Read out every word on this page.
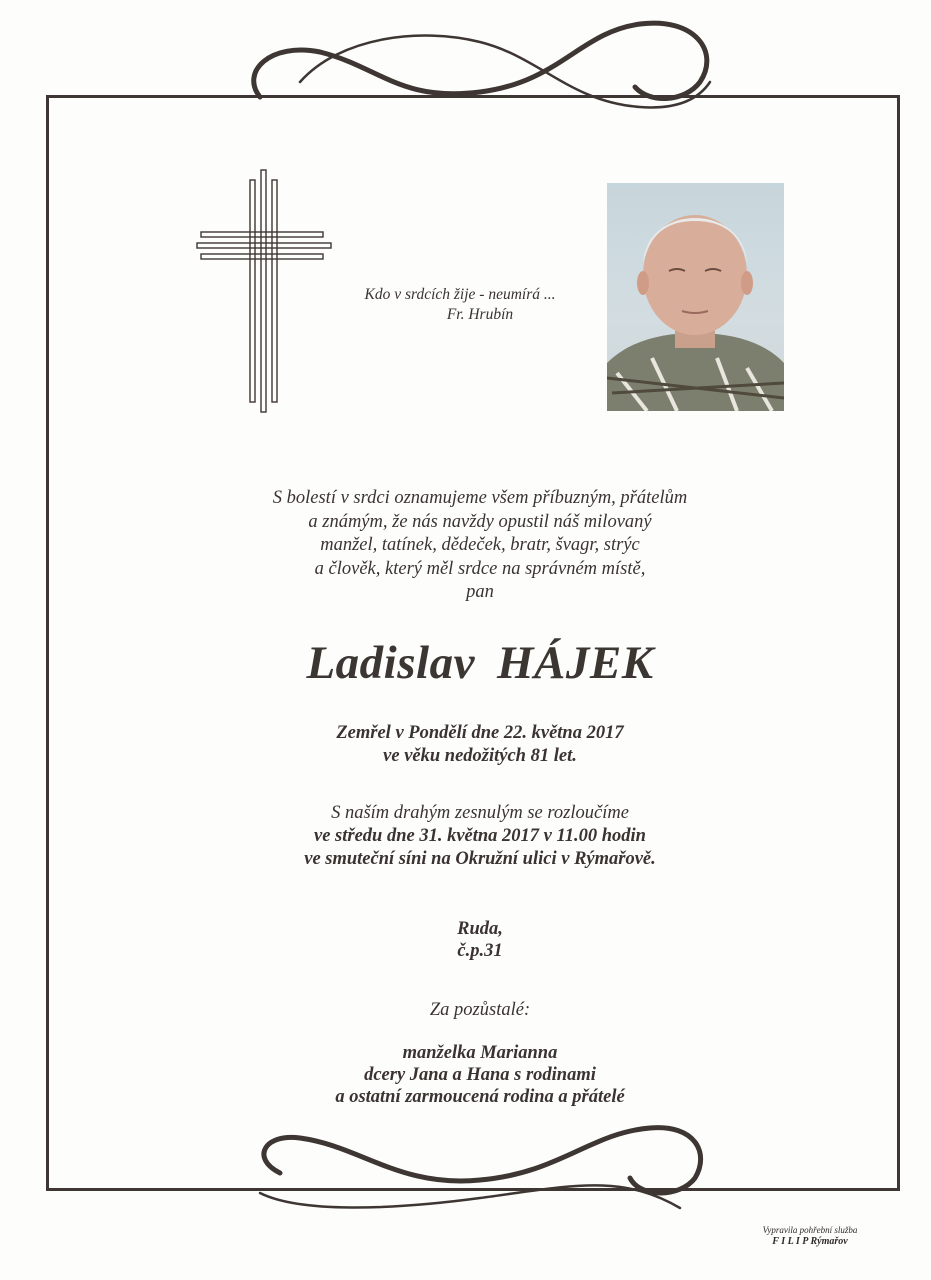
Kdo v srdcích žije - neumírá ...

Fr. Hrubín
S bolestí v srdci oznamujeme všem příbuzným, přátelům
a známým, že nás navždy opustil náš milovaný
manžel, tatínek, dědeček, bratr, švagr, strýc
a člověk, který měl srdce na správném místě,
pan
Ladislav HÁJEK
Zemřel v Pondělí dne 22. května 2017
ve věku nedožitých 81 let.
S naším drahým zesnulým se rozloučíme
ve středu dne 31. května 2017 v 11.00 hodin
ve smuteční síni na Okružní ulici v Rýmařově.
Ruda,
č.p.31
Za pozůstalé:
manželka Marianna
dcery Jana a Hana s rodinami
a ostatní zarmoucená rodina a přátelé
Vypravila pohřební služba
F I L I P Rýmařov
